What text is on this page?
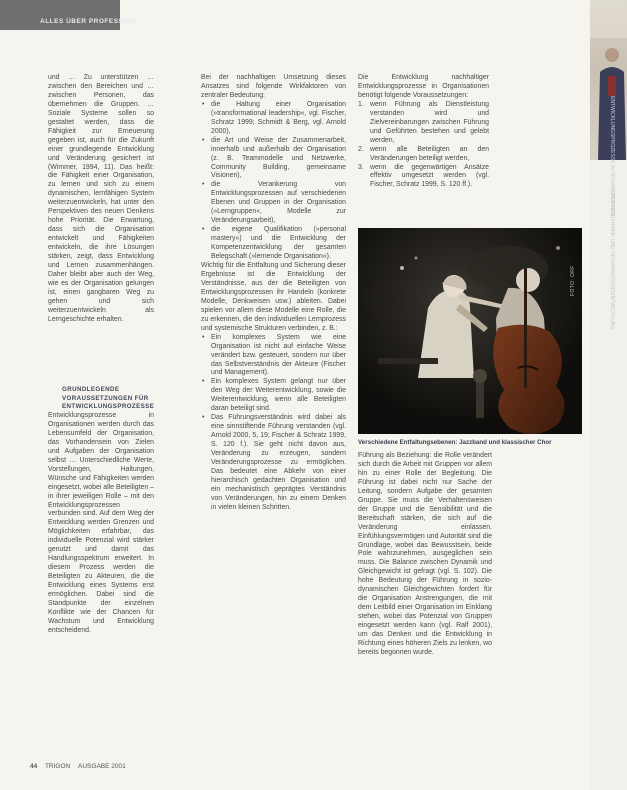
ALLES ÜBER PROFESSION

und … Zu unterstützen … zwischen den Bereichen und … zwischen Personen, das übernehmen die Gruppen. … Soziale Systeme sollen so gestaltet werden, dass die Fähigkeit zur Erneuerung gegeben ist, auch für die Zukunft einer grundlegende Entwicklung und Veränderung gesichert ist (Wimmer, 1994, 11). Das heißt: die Fähigkeit einer Organisation, zu lernen und sich zu einem dynamischen, lernfähigen System weiterzuentwickeln, hat unter den Perspektiven des neuen Denkens hohe Priorität. Die Erwartung, dass sich die Organisation entwickelt und Fähigkeiten entwickeln, die ihre Lösungen stärken, zeigt, dass Entwicklung und Lernen zusammenhängen. Daher bleibt aber auch der Weg, wie es der Organisation gelungen ist, einen gangbaren Weg zu gehen und sich weiterzuentwickeln als Lerngeschichte erhalten.

GRUNDLEGENDE VORAUSSETZUNGEN FÜR ENTWICKLUNGSPROZESSE

Entwicklungsprozesse in Organisationen werden durch das Lebensumfeld der Organisation, das Vorhandensein von Zielen und Aufgaben der Organisation selbst … Unterschiedliche Werte, Vorstellungen, Haltungen, Wünsche und Fähigkeiten werden eingesetzt, wobei alle Beteiligten – in ihrer jeweiligen Rolle – mit den Entwicklungsprozessen verbunden sind. Auf dem Weg der Entwicklung werden Grenzen und Möglichkeiten erfahrbar, das individuelle Potenzial wird stärker genutzt und damit das Handlungsspektrum erweitert. In diesem Prozess werden die Beteiligten zu Akteuren, die die Entwicklung eines Systems erst ermöglichen. Dabei sind die Standpunkte der einzelnen Konflikte wie der Chancen für Wachstum und Entwicklung entscheidend.

Bei der nachhaltigen Umsetzung dieses Ansatzes sind folgende Wirkfaktoren von zentraler Bedeutung:

• die Haltung einer Organisation (»transformational leadership«, vgl. Fischer, Schratz 1999; Schmidt & Berg, vgl. Arnold 2000),
• die Art und Weise der Zusammenarbeit, innerhalb und außerhalb der Organisation (z. B. Teammodelle und Netzwerke, Community Building, gemeinsame Visionen),
• die Verankerung von Entwicklungsprozessen auf verschiedenen Ebenen und Gruppen in der Organisation (»Lerngruppen«, Modelle zur Veränderungsarbeit),
• die eigene Qualifikation (»personal mastery«) und die Entwicklung der Kompetenzentwicklung der gesamten Belegschaft (»lernende Organisation«).

Wichtig für die Entfaltung und Sicherung dieser Ergebnisse ist die Entwicklung der Verständnisse, aus der die Beteiligten von Entwicklungsprozessen ihr Handeln (konkrete Modelle, Denkweisen usw.) ableiten. Dabei spielen vor allem diese Modelle eine Rolle, die zu erkennen, die den individuellen Lernprozess und systemische Strukturen verbinden, z. B.:

• Ein komplexes System wie eine Organisation ist nicht auf einfache Weise verändert bzw. gesteuert, sondern nur über das Selbstverständnis der Akteure (Fischer und Management).
• Ein komplexes System gelangt nur über den Weg der Weiterentwicklung, sowie die Weiterentwicklung, wenn alle Beteiligten daran beteiligt sind.
• Das Führungsverständnis wird dabei als eine sinnstiftende Führung verstanden (vgl. Arnold 2000, 5, 19; Fischer & Schratz 1999, S. 120 f.). Sie geht nicht davon aus, Veränderung zu erzeugen, sondern Veränderungsprozesse zu ermöglichen. Das bedeutet eine Abkehr von einer hierarchisch gedachten Organisation und ein mechanistisch geprägtes Verständnis von Veränderungen, hin zu einem Denken in vielen kleinen Schritten.

Die Entwicklung nachhaltiger Entwicklungsprozesse in Organisationen benötigt folgende Voraussetzungen:

1. wenn Führung als Dienstleistung verstanden wird und Zielvereinbarungen zwischen Führung und Geführten bestehen und gelebt werden,
2. wenn alle Beteiligten an den Veränderungen beteiligt werden,
3. wenn die gegenwärtigen Ansätze effektiv umgesetzt werden (vgl. Fischer, Schratz 1999, S. 120 ff.).
FOTO: ORF
Verschiedene Entfaltungsebenen: Jazzband und klassischer Chor

Führung als Beziehung: die Rolle verändert sich durch die Arbeit mit Gruppen vor allem hin zu einer Rolle der Begleitung. Die Führung ist dabei nicht nur Sache der Leitung, sondern Aufgabe der gesamten Gruppe. Sie muss die Verhaltensweisen der Gruppe und die Sensibilität und die Bereitschaft stärken, die sich auf die Veränderung einlassen. Einfühlungsvermögen und Autorität sind die Grundlage, wobei das Bewusstsein, beide Pole wahrzunehmen, ausgeglichen sein muss. Die Balance zwischen Dynamik und Gleichgewicht ist gefragt (vgl. S. 102). Die hohe Bedeutung der Führung in sozio-dynamischen Gleichgewichten fordert für die Organisation Anstrengungen, die mit dem Leitbild einer Organisation im Einklang stehen, wobei das Potenzial von Gruppen eingesetzt werden kann (vgl. Ralf 2001), um das Denken und die Entwicklung in Richtung eines höheren Ziels zu lenken, wo bereits begonnen wurde.

ENTWICKLUNGSPROZESSE IN ORGANISATIONEN
GRUPPENDYNAMIK UND ORGANISATIONSENTWICKLUNG
44 TRIGON AUSGABE 2001
